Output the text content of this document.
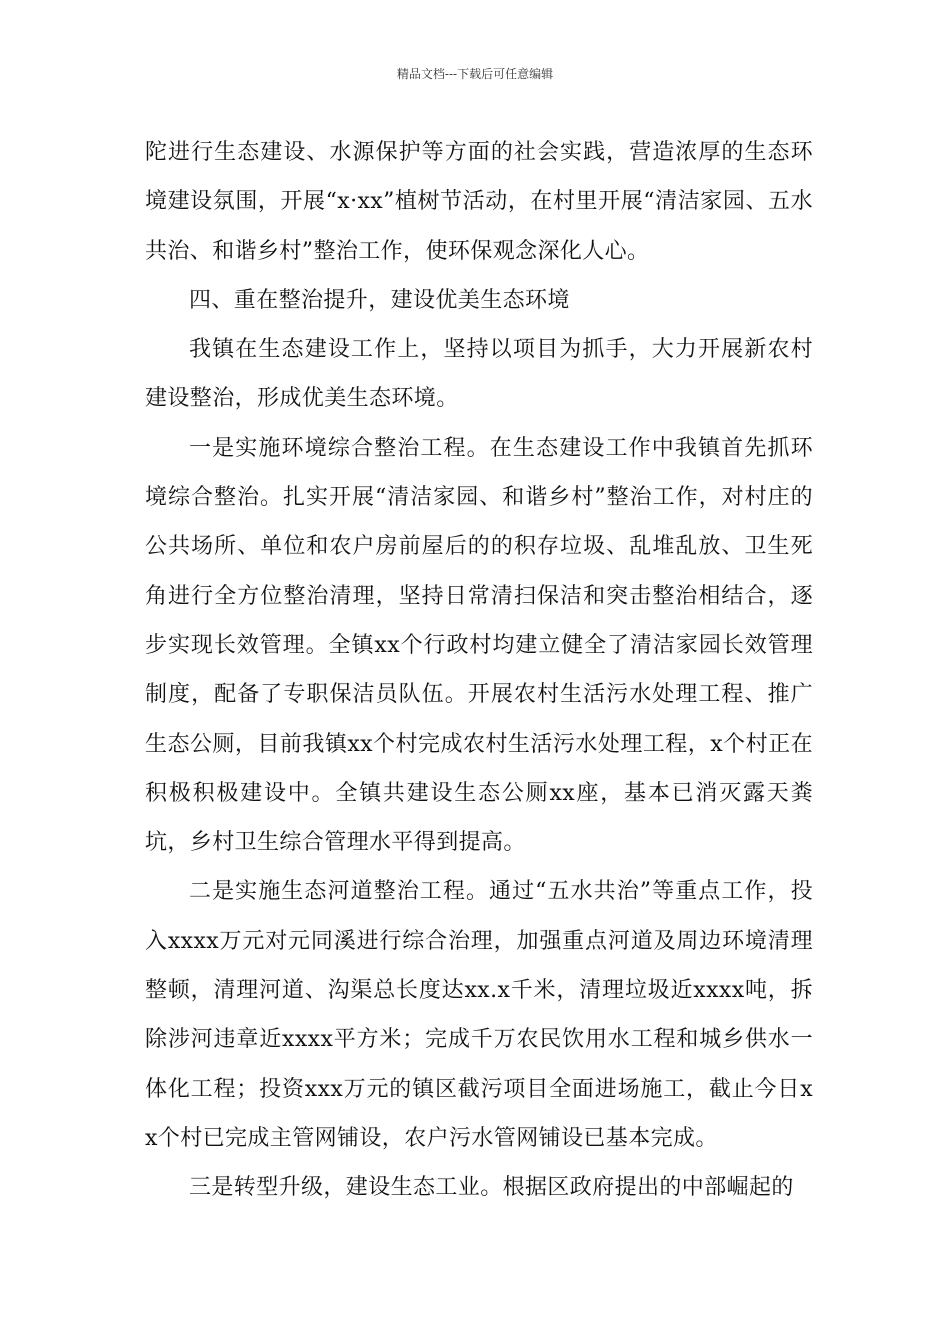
精品文档---下载后可任意编辑

陀进行生态建设、水源保护等方面的社会实践，营造浓厚的生态环境建设氛围，开展“x·xx”植树节活动，在村里开展“清洁家园、五水共治、和谐乡村”整治工作，使环保观念深化人心。

四、重在整治提升，建设优美生态环境

我镇在生态建设工作上，坚持以项目为抓手，大力开展新农村建设整治，形成优美生态环境。

一是实施环境综合整治工程。在生态建设工作中我镇首先抓环境综合整治。扎实开展“清洁家园、和谐乡村”整治工作，对村庄的公共场所、单位和农户房前屋后的的积存垃圾、乱堆乱放、卫生死角进行全方位整治清理，坚持日常清扫保洁和突击整治相结合，逐步实现长效管理。全镇xx个行政村均建立健全了清洁家园长效管理制度，配备了专职保洁员队伍。开展农村生活污水处理工程、推广生态公厕，目前我镇xx个村完成农村生活污水处理工程，x个村正在积极积极建设中。全镇共建设生态公厕xx座，基本已消灭露天粪坑，乡村卫生综合管理水平得到提高。

二是实施生态河道整治工程。通过“五水共治”等重点工作，投入xxxx万元对元同溪进行综合治理，加强重点河道及周边环境清理整顿，清理河道、沟渠总长度达xx.x千米，清理垃圾近xxxx吨，拆除涉河违章近xxxx平方米；完成千万农民饮用水工程和城乡供水一体化工程；投资xxx万元的镇区截污项目全面进场施工，截止今日xx个村已完成主管网铺设，农户污水管网铺设已基本完成。

三是转型升级，建设生态工业。根据区政府提出的中部崛起的
